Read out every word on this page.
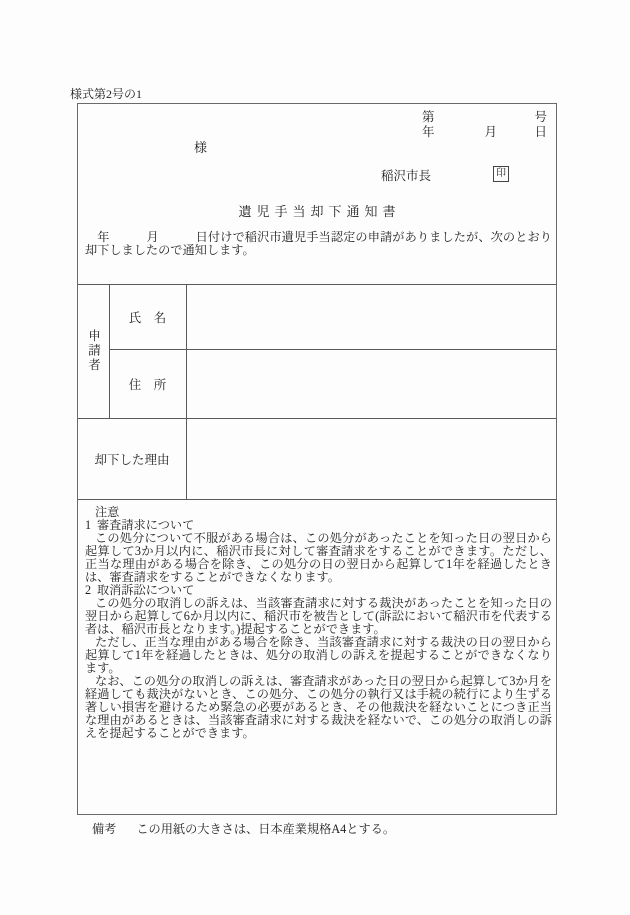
様式第2号の1
第　　　　　　　　号
年　　　　月　　　日
様
稲沢市長	印
遺児手当却下通知書
　年　　　月　　　日付けで稲沢市遺児手当認定の申請がありましたが、次のとおり却下しましたので通知します。
申請者
氏　名
住　所
却下した理由
注意
1 審査請求について

この処分について不服がある場合は、この処分があったことを知った日の翌日から起算して3か月以内に、稲沢市長に対して審査請求をすることができます。ただし、正当な理由がある場合を除き、この処分の日の翌日から起算して1年を経過したときは、審査請求をすることができなくなります。

2 取消訴訟について

この処分の取消しの訴えは、当該審査請求に対する裁決があったことを知った日の翌日から起算して6か月以内に、稲沢市を被告として(訴訟において稲沢市を代表する者は、稲沢市長となります。)提起することができます。

ただし、正当な理由がある場合を除き、当該審査請求に対する裁決の日の翌日から起算して1年を経過したときは、処分の取消しの訴えを提起することができなくなります。

なお、この処分の取消しの訴えは、審査請求があった日の翌日から起算して3か月を経過しても裁決がないとき、この処分、この処分の執行又は手続の続行により生ずる著しい損害を避けるため緊急の必要があるとき、その他裁決を経ないことにつき正当な理由があるときは、当該審査請求に対する裁決を経ないで、この処分の取消しの訴えを提起することができます。

備考 この用紙の大きさは、日本産業規格A4とする。
